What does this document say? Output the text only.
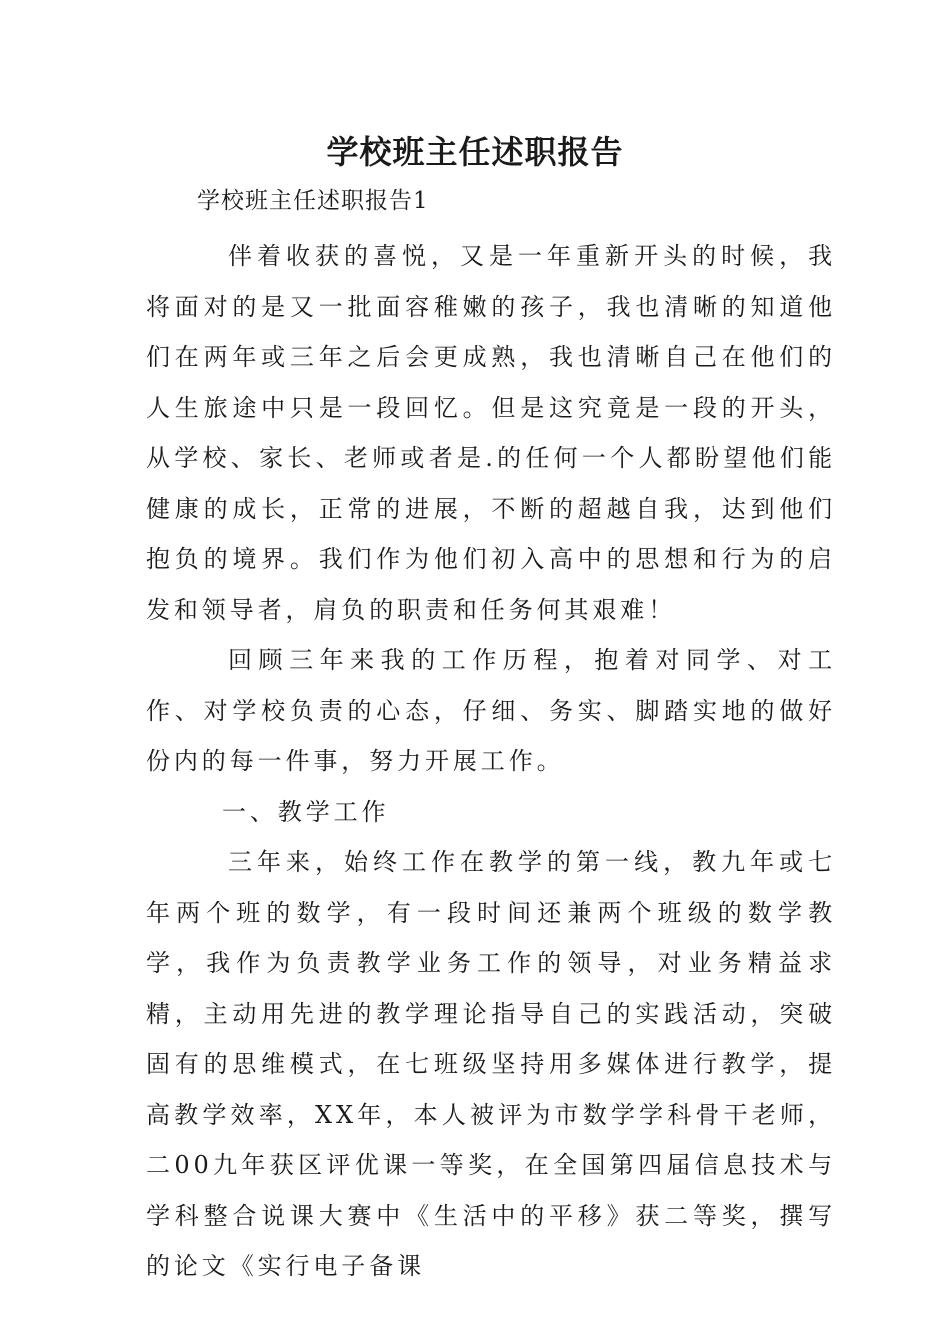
学校班主任述职报告
学校班主任述职报告1

伴着收获的喜悦，又是一年重新开头的时候，我将面对的是又一批面容稚嫩的孩子，我也清晰的知道他们在两年或三年之后会更成熟，我也清晰自己在他们的人生旅途中只是一段回忆。但是这究竟是一段的开头，从学校、家长、老师或者是.的任何一个人都盼望他们能健康的成长，正常的进展，不断的超越自我，达到他们抱负的境界。我们作为他们初入高中的思想和行为的启发和领导者，肩负的职责和任务何其艰难！

回顾三年来我的工作历程，抱着对同学、对工作、对学校负责的心态，仔细、务实、脚踏实地的做好份内的每一件事，努力开展工作。

一、教学工作

三年来，始终工作在教学的第一线，教九年或七年两个班的数学，有一段时间还兼两个班级的数学教学，我作为负责教学业务工作的领导，对业务精益求精，主动用先进的教学理论指导自己的实践活动，突破固有的思维模式，在七班级坚持用多媒体进行教学，提高教学效率，XX年，本人被评为市数学学科骨干老师，二00九年获区评优课一等奖，在全国第四届信息技术与学科整合说课大赛中《生活中的平移》获二等奖，撰写的论文《实行电子备课
